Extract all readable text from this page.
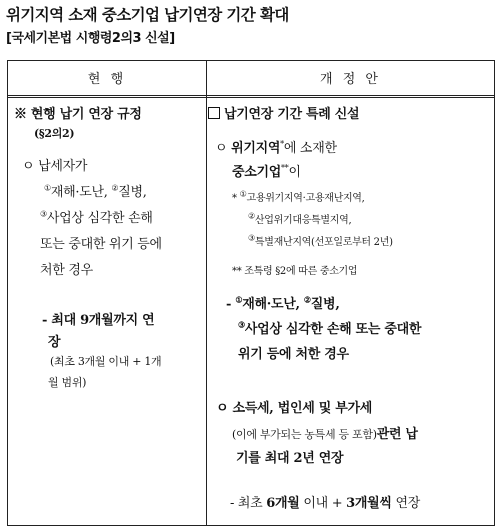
위기지역 소재 중소기업 납기연장 기간 확대
[국세기본법 시행령2의3 신설]
현 행	개 정 안
※ 현행 납기 연장 규정
(§2의2)
ㅇ 납세자가
①재해·도난, ②질병,
③사업상 심각한 손해
또는 중대한 위기 등에
처한 경우
- 최대 9개월까지 연
장
(최초 3개월 이내 + 1개
월 범위)
납기연장 기간 특례 신설
ㅇ 위기지역*에 소재한
중소기업**이
* ①고용위기지역·고용재난지역,
②산업위기대응특별지역,
③특별재난지역(선포일로부터 2년)
** 조특령 §2에 따른 중소기업
- ①재해·도난, ②질병,
③사업상 심각한 손해 또는 중대한
위기 등에 처한 경우
ㅇ 소득세, 법인세 및 부가세
(이에 부가되는 농특세 등 포함)관련 납
기를 최대 2년 연장
- 최초 6개월 이내 + 3개월씩 연장
